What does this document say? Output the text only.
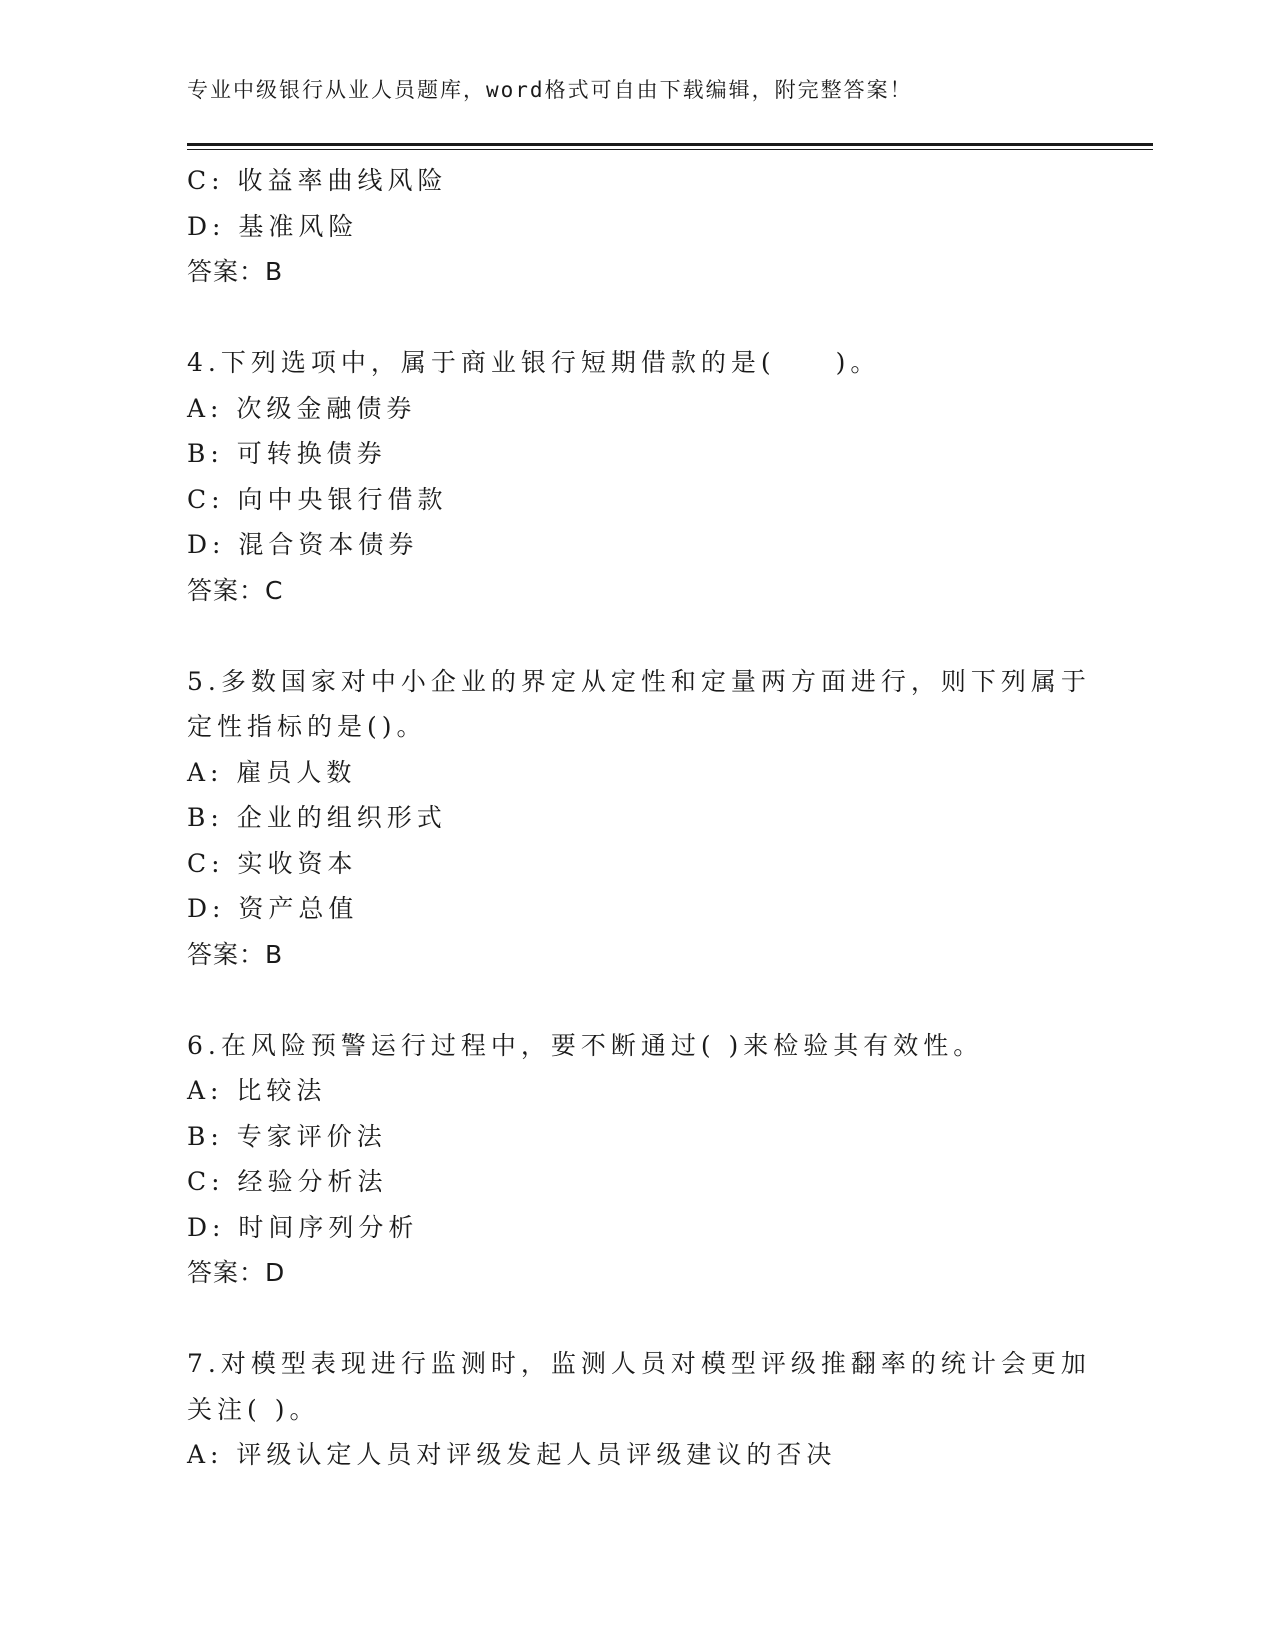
专业中级银行从业人员题库，word格式可自由下载编辑，附完整答案！
C: 收益率曲线风险
D: 基准风险
答案：B
4.下列选项中，属于商业银行短期借款的是(　　)。
A: 次级金融债券
B: 可转换债券
C: 向中央银行借款
D: 混合资本债券
答案：C
5.多数国家对中小企业的界定从定性和定量两方面进行，则下列属于
定性指标的是()。
A: 雇员人数
B: 企业的组织形式
C: 实收资本
D: 资产总值
答案：B
6.在风险预警运行过程中，要不断通过( )来检验其有效性。
A: 比较法
B: 专家评价法
C: 经验分析法
D: 时间序列分析
答案：D
7.对模型表现进行监测时，监测人员对模型评级推翻率的统计会更加
关注( )。
A: 评级认定人员对评级发起人员评级建议的否决
